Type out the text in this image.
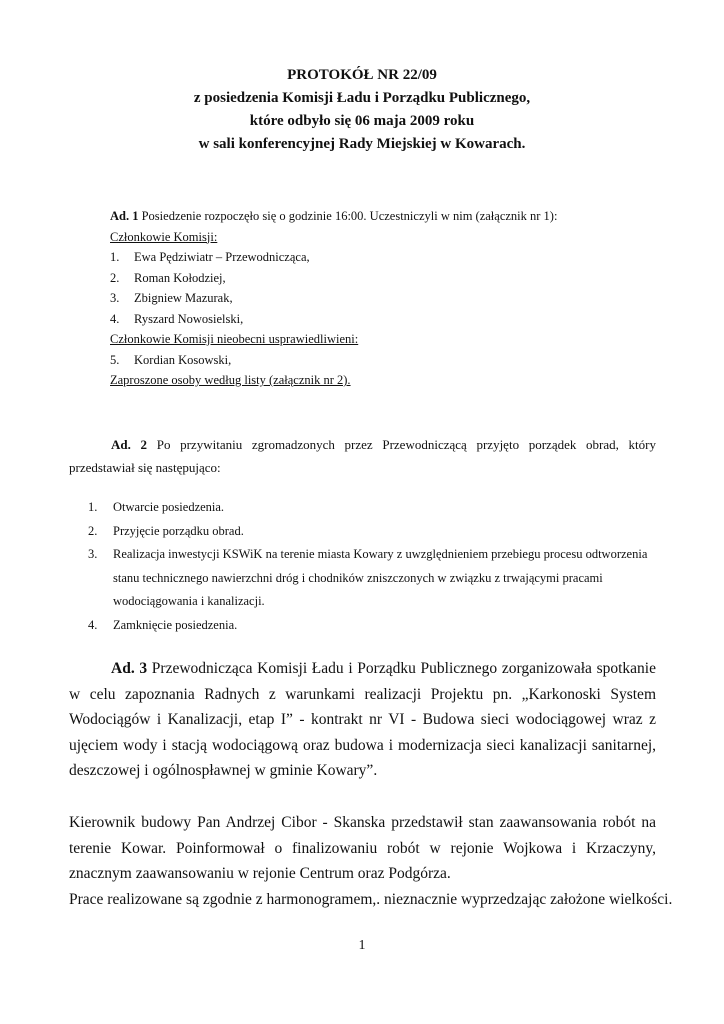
PROTOKÓŁ NR 22/09

z posiedzenia Komisji Ładu i Porządku Publicznego,

które odbyło się 06 maja 2009 roku

w sali konferencyjnej Rady Miejskiej w Kowarach.

Ad. 1 Posiedzenie rozpoczęło się o godzinie 16:00. Uczestniczyli w nim (załącznik nr 1):
Członkowie Komisji:
1. Ewa Pędziwiatr – Przewodnicząca,
2. Roman Kołodziej,
3. Zbigniew Mazurak,
4. Ryszard Nowosielski,
Członkowie Komisji nieobecni usprawiedliwieni:
5. Kordian Kosowski,
Zaproszone osoby według listy (załącznik nr 2).

Ad. 2 Po przywitaniu zgromadzonych przez Przewodniczącą przyjęto porządek obrad, który przedstawiał się następująco:

1.	Otwarcie posiedzenia.
2.	Przyjęcie porządku obrad.
3.	Realizacja inwestycji KSWiK na terenie miasta Kowary z uwzględnieniem przebiegu procesu odtworzenia stanu technicznego nawierzchni dróg i chodników zniszczonych w związku z trwającymi pracami wodociągowania i kanalizacji.
4.	Zamknięcie posiedzenia.

Ad. 3 Przewodnicząca Komisji Ładu i Porządku Publicznego zorganizowała spotkanie w celu zapoznania Radnych z warunkami realizacji Projektu pn. „Karkonoski System Wodociągów i Kanalizacji, etap I” - kontrakt nr VI - Budowa sieci wodociągowej wraz z ujęciem wody i stacją wodociągową oraz budowa i modernizacja sieci kanalizacji sanitarnej, deszczowej i ogólnospławnej w gminie Kowary”.

Kierownik budowy Pan Andrzej Cibor - Skanska przedstawił stan zaawansowania robót na terenie Kowar. Poinformował o finalizowaniu robót w rejonie Wojkowa i Krzaczyny, znacznym zaawansowaniu w rejonie Centrum oraz Podgórza.

Prace realizowane są zgodnie z harmonogramem,. nieznacznie wyprzedzając założone wielkości.

1
